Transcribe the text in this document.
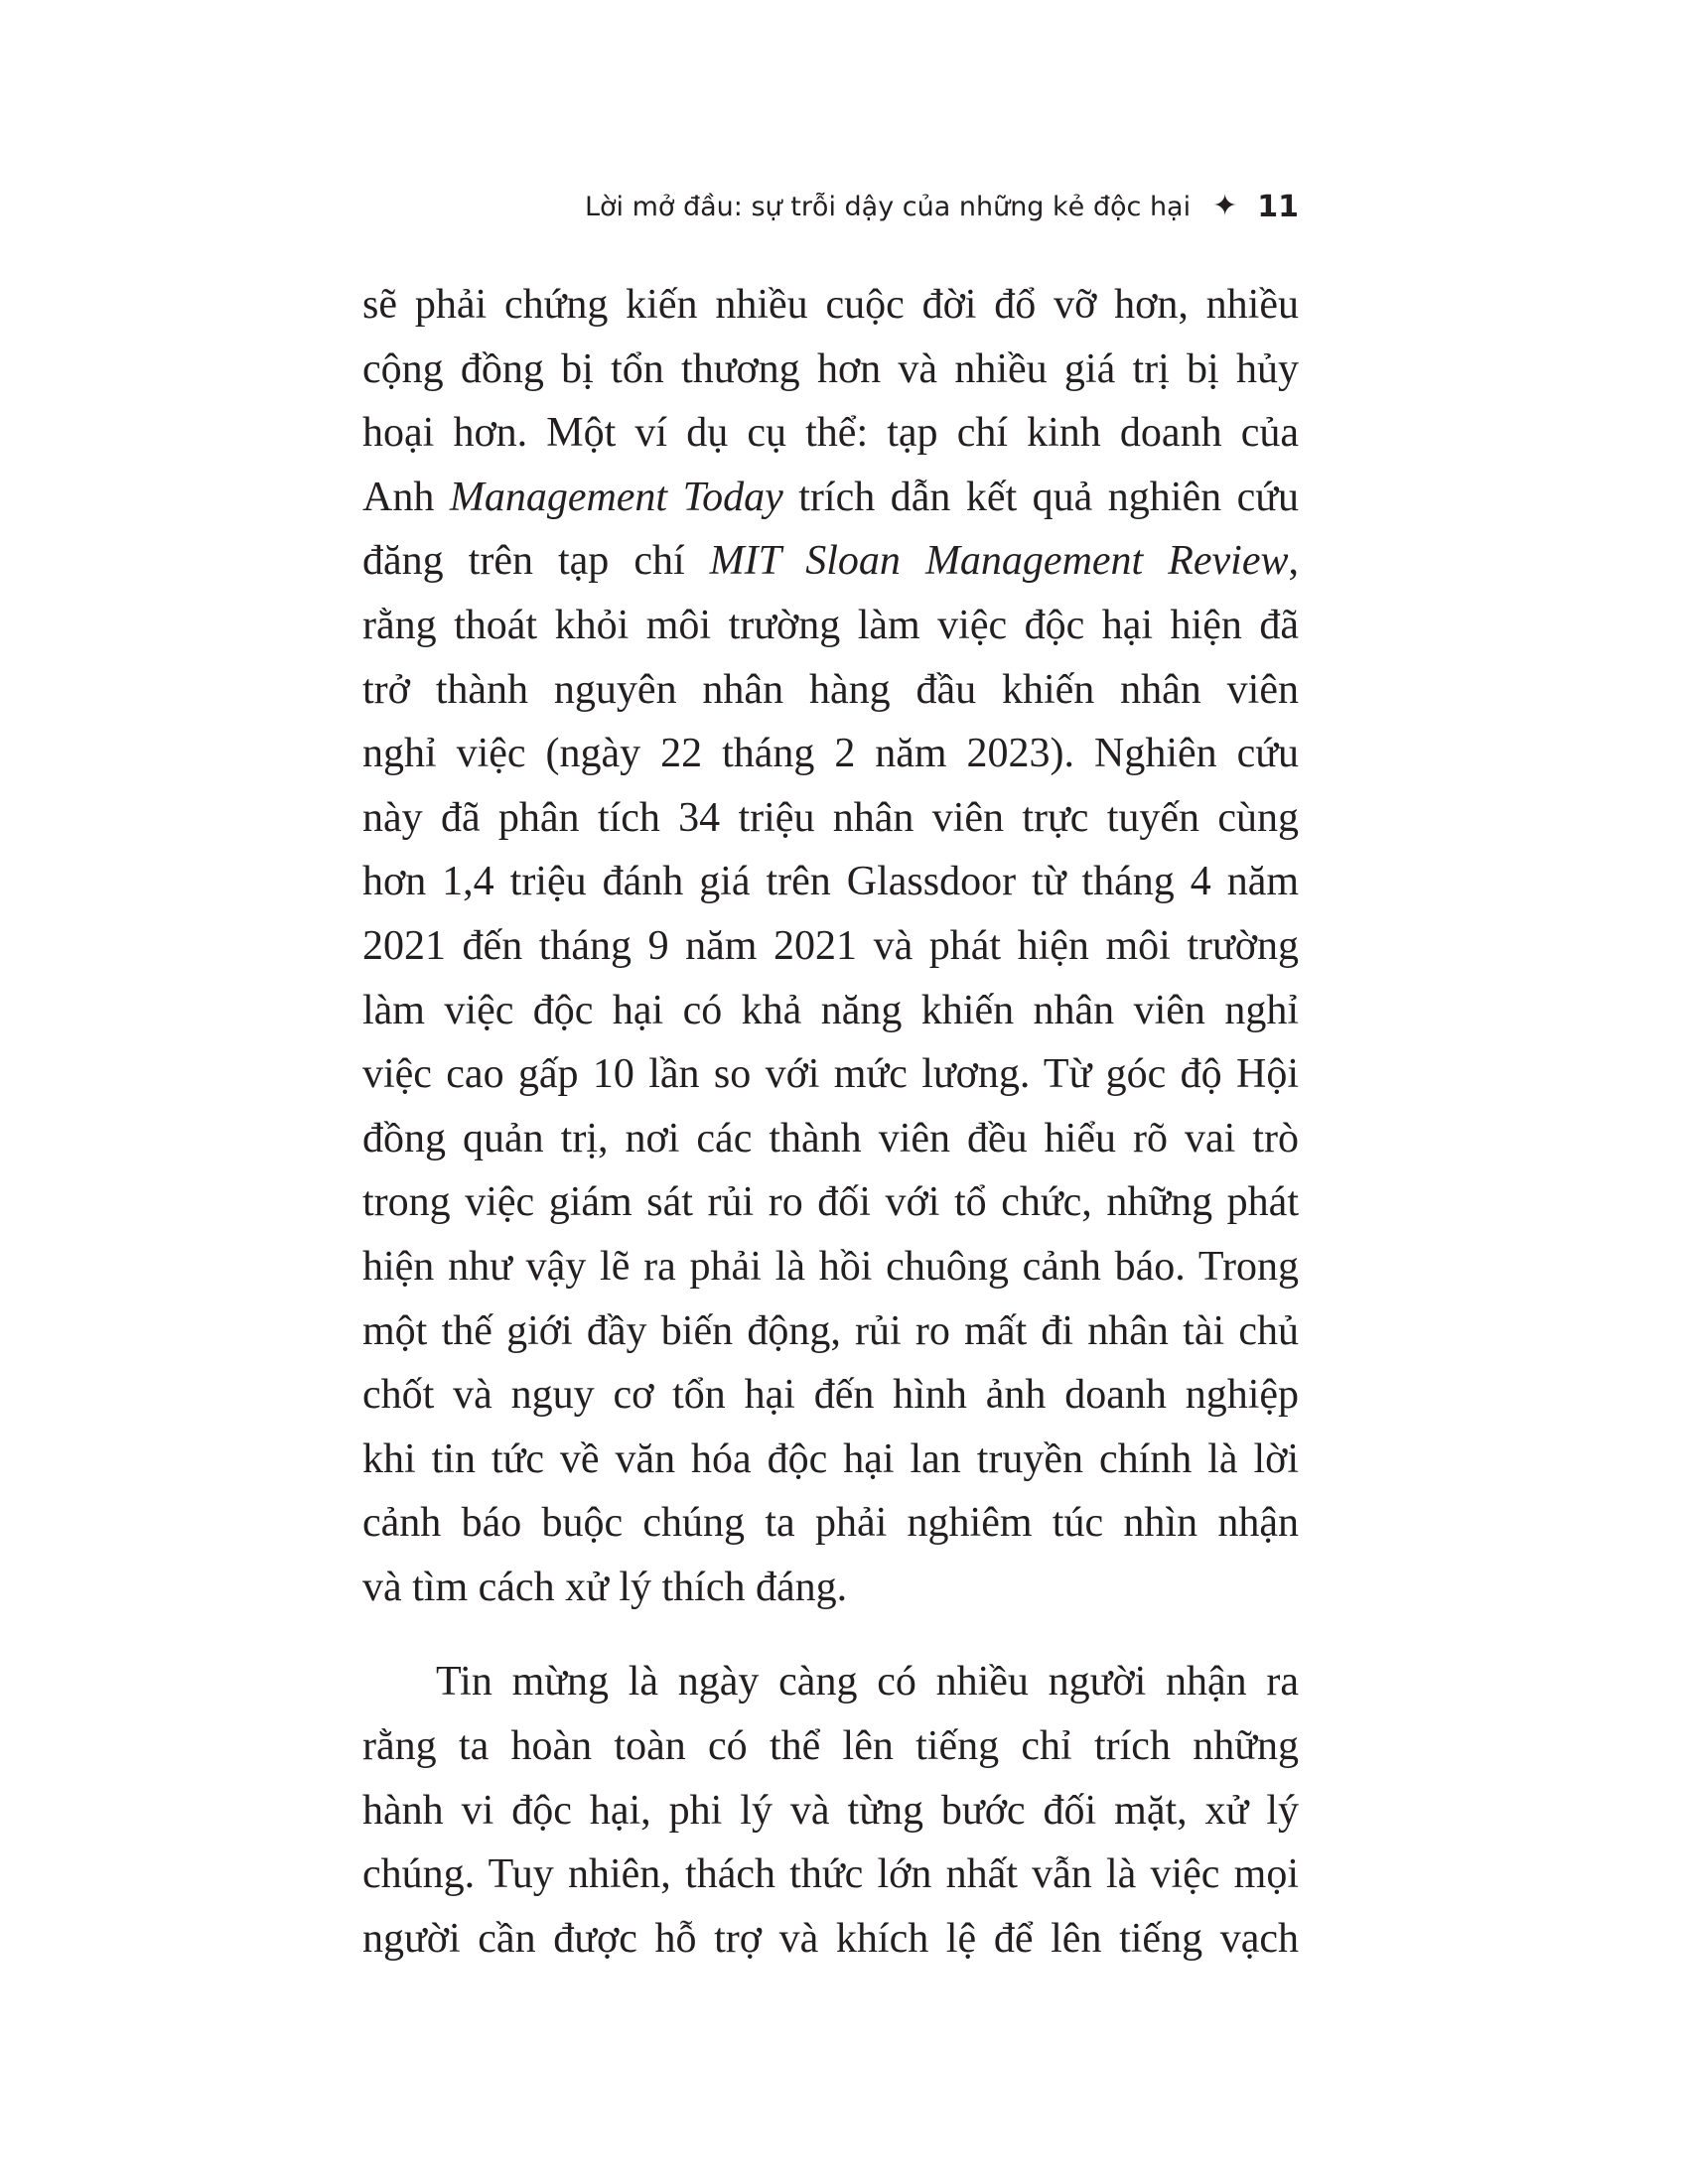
Lời mở đầu: sự trỗi dậy của những kẻ độc hại ✦ 11

sẽ phải chứng kiến nhiều cuộc đời đổ vỡ hơn, nhiều
cộng đồng bị tổn thương hơn và nhiều giá trị bị hủy
hoại hơn. Một ví dụ cụ thể: tạp chí kinh doanh của
Anh Management Today trích dẫn kết quả nghiên cứu
đăng trên tạp chí MIT Sloan Management Review,
rằng thoát khỏi môi trường làm việc độc hại hiện đã
trở thành nguyên nhân hàng đầu khiến nhân viên
nghỉ việc (ngày 22 tháng 2 năm 2023). Nghiên cứu
này đã phân tích 34 triệu nhân viên trực tuyến cùng
hơn 1,4 triệu đánh giá trên Glassdoor từ tháng 4 năm
2021 đến tháng 9 năm 2021 và phát hiện môi trường
làm việc độc hại có khả năng khiến nhân viên nghỉ
việc cao gấp 10 lần so với mức lương. Từ góc độ Hội
đồng quản trị, nơi các thành viên đều hiểu rõ vai trò
trong việc giám sát rủi ro đối với tổ chức, những phát
hiện như vậy lẽ ra phải là hồi chuông cảnh báo. Trong
một thế giới đầy biến động, rủi ro mất đi nhân tài chủ
chốt và nguy cơ tổn hại đến hình ảnh doanh nghiệp
khi tin tức về văn hóa độc hại lan truyền chính là lời
cảnh báo buộc chúng ta phải nghiêm túc nhìn nhận
và tìm cách xử lý thích đáng.

Tin mừng là ngày càng có nhiều người nhận ra
rằng ta hoàn toàn có thể lên tiếng chỉ trích những
hành vi độc hại, phi lý và từng bước đối mặt, xử lý
chúng. Tuy nhiên, thách thức lớn nhất vẫn là việc mọi
người cần được hỗ trợ và khích lệ để lên tiếng vạch
